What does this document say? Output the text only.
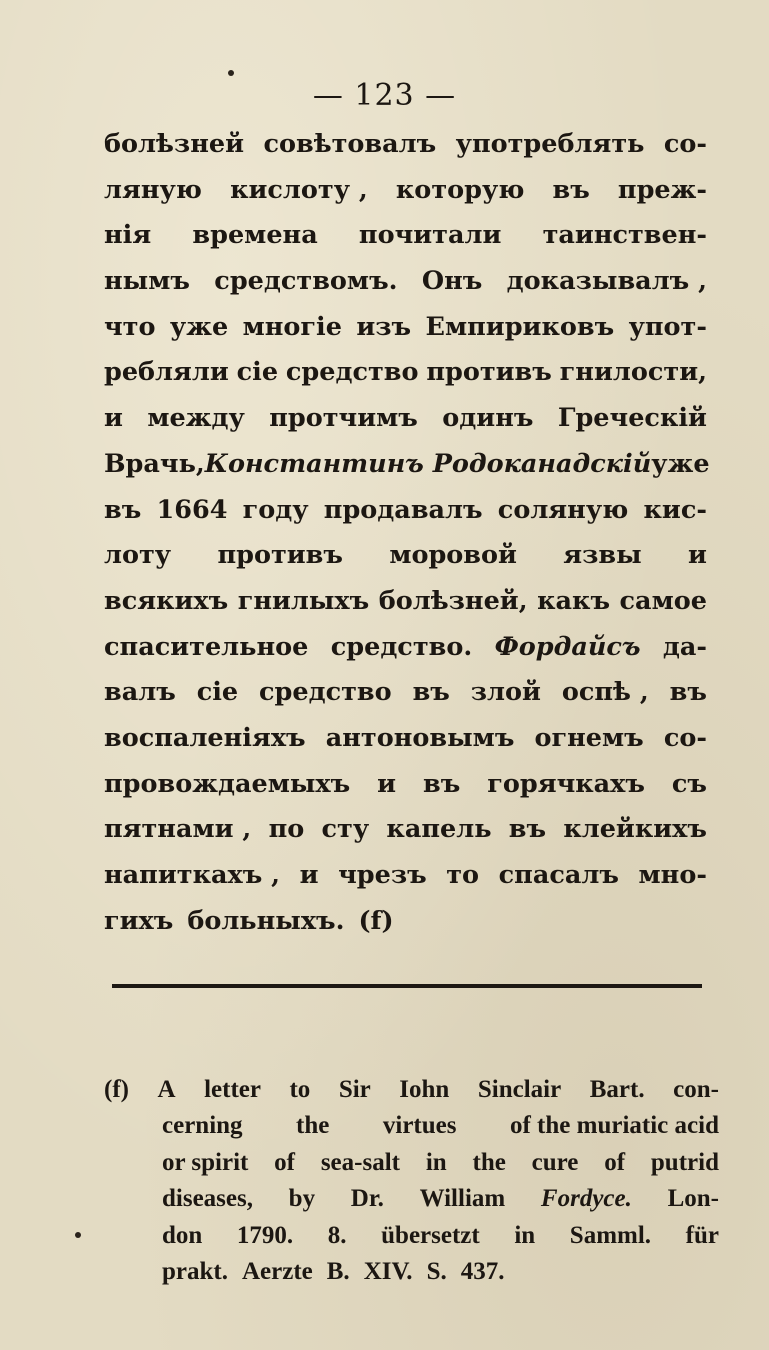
— 123 —
болѣзней совѣтовалъ употреблять со-
ляную кислоту , которую въ преж-
нія времена почитали таинствен-
нымъ средствомъ. Онъ доказывалъ ,
что уже многіе изъ Емпириковъ упот-
ребляли сіе средство противъ гнилости,
и между протчимъ одинъ Греческій
Врачь, Константинъ Родоканадскій уже
въ 1664 году продавалъ соляную кис-
лоту противъ моровой язвы и
всякихъ гнилыхъ болѣзней, какъ самое
спасительное средство. Фордайсъ да-
валъ сіе средство въ злой оспѣ , въ
воспаленіяхъ антоновымъ огнемъ со-
провождаемыхъ и въ горячкахъ съ
пятнами , по сту капель въ клейкихъ
напиткахъ , и чрезъ то спасалъ мно-
гихъ больныхъ. (f)
(f) A letter to Sir Iohn Sinclair Bart. con-
cerning the virtues of the muriatic acid
or spirit of sea-salt in the cure of putrid
diseases, by Dr. William Fordyce. Lon-
don 1790. 8. übersetzt in Samml. für
prakt. Aerzte B. XIV. S. 437.
